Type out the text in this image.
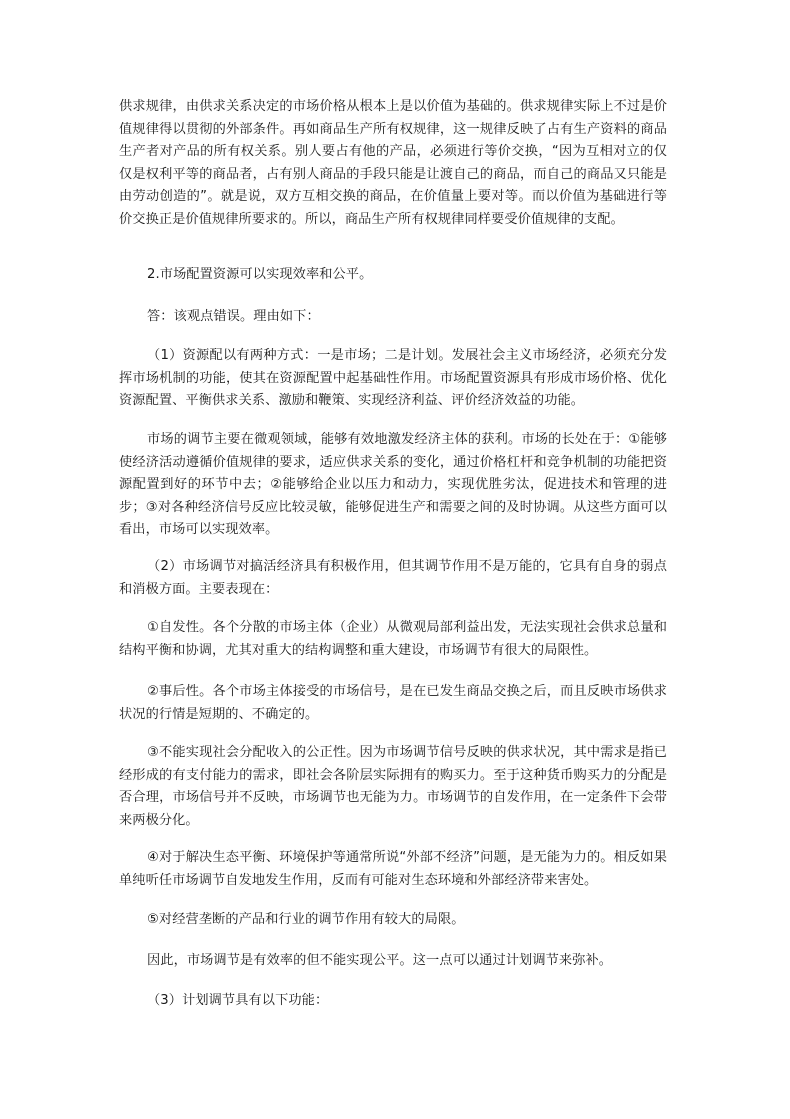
供求规律，由供求关系决定的市场价格从根本上是以价值为基础的。供求规律实际上不过是价值规律得以贯彻的外部条件。再如商品生产所有权规律，这一规律反映了占有生产资料的商品生产者对产品的所有权关系。别人要占有他的产品，必须进行等价交换，“因为互相对立的仅仅是权利平等的商品者，占有别人商品的手段只能是让渡自己的商品，而自己的商品又只能是由劳动创造的”。就是说，双方互相交换的商品，在价值量上要对等。而以价值为基础进行等价交换正是价值规律所要求的。所以，商品生产所有权规律同样要受价值规律的支配。

2.市场配置资源可以实现效率和公平。

答：该观点错误。理由如下：

（1）资源配以有两种方式：一是市场；二是计划。发展社会主义市场经济，必须充分发挥市场机制的功能，使其在资源配置中起基础性作用。市场配置资源具有形成市场价格、优化资源配置、平衡供求关系、激励和鞭策、实现经济利益、评价经济效益的功能。

市场的调节主要在微观领域，能够有效地激发经济主体的获利。市场的长处在于：①能够使经济活动遵循价值规律的要求，适应供求关系的变化，通过价格杠杆和竞争机制的功能把资源配置到好的环节中去；②能够给企业以压力和动力，实现优胜劣汰，促进技术和管理的进步；③对各种经济信号反应比较灵敏，能够促进生产和需要之间的及时协调。从这些方面可以看出，市场可以实现效率。

（2）市场调节对搞活经济具有积极作用，但其调节作用不是万能的，它具有自身的弱点和消极方面。主要表现在：

①自发性。各个分散的市场主体（企业）从微观局部利益出发，无法实现社会供求总量和结构平衡和协调，尤其对重大的结构调整和重大建设，市场调节有很大的局限性。

②事后性。各个市场主体接受的市场信号，是在已发生商品交换之后，而且反映市场供求状况的行情是短期的、不确定的。

③不能实现社会分配收入的公正性。因为市场调节信号反映的供求状况，其中需求是指已经形成的有支付能力的需求，即社会各阶层实际拥有的购买力。至于这种货币购买力的分配是否合理，市场信号并不反映，市场调节也无能为力。市场调节的自发作用，在一定条件下会带来两极分化。

④对于解决生态平衡、环境保护等通常所说“外部不经济”问题，是无能为力的。相反如果单纯听任市场调节自发地发生作用，反而有可能对生态环境和外部经济带来害处。

⑤对经营垄断的产品和行业的调节作用有较大的局限。

因此，市场调节是有效率的但不能实现公平。这一点可以通过计划调节来弥补。

（3）计划调节具有以下功能：
